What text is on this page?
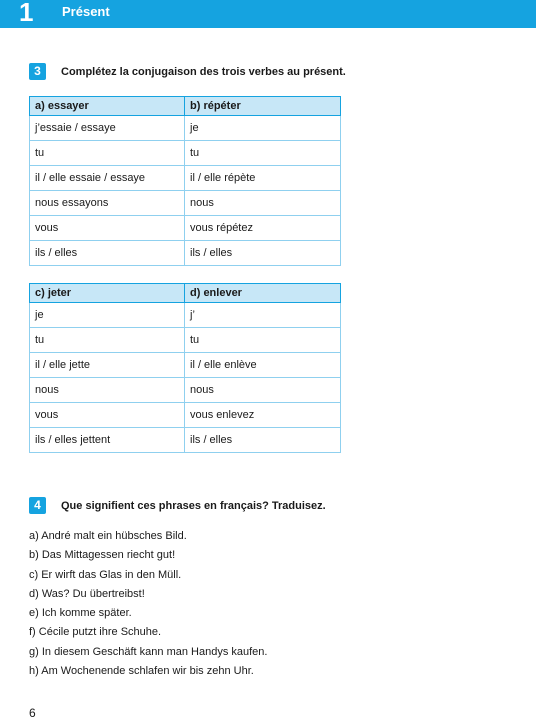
1 Présent
3	Complétez la conjugaison des trois verbes au présent.
a) essayer	b) répéter
j’essaie / essaye	je
tu	tu
il / elle essaie / essaye	il / elle répète
nous essayons	nous
vous	vous répétez
ils / elles	ils / elles
c) jeter	d) enlever
je	j’
tu	tu
il / elle jette	il / elle enlève
nous	nous
vous	vous enlevez
ils / elles jettent	ils / elles
4	Que signifient ces phrases en français? Traduisez.
a) André malt ein hübsches Bild.
b) Das Mittagessen riecht gut!
c) Er wirft das Glas in den Müll.
d) Was? Du übertreibst!
e) Ich komme später.
f) Cécile putzt ihre Schuhe.
g) In diesem Geschäft kann man Handys kaufen.
h) Am Wochenende schlafen wir bis zehn Uhr.
6
